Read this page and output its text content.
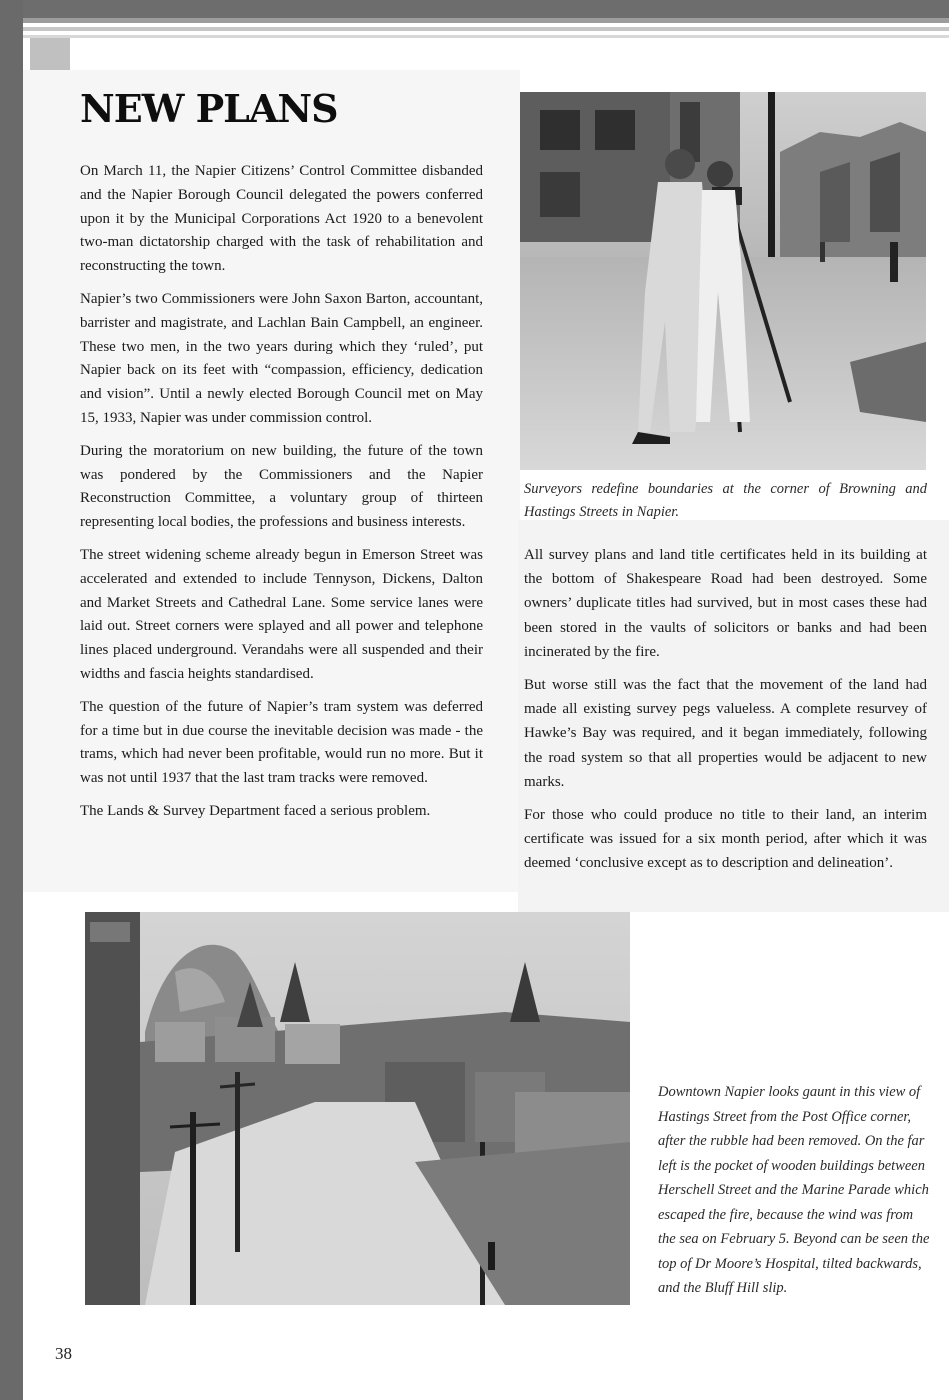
NEW PLANS

On March 11, the Napier Citizens’ Control Committee disbanded and the Napier Borough Council delegated the powers conferred upon it by the Municipal Corporations Act 1920 to a benevolent two-man dictatorship charged with the task of rehabilitation and reconstructing the town.

Napier’s two Commissioners were John Saxon Barton, accountant, barrister and magistrate, and Lachlan Bain Campbell, an engineer. These two men, in the two years during which they ‘ruled’, put Napier back on its feet with “compassion, efficiency, dedication and vision”. Until a newly elected Borough Council met on May 15, 1933, Napier was under commission control.

During the moratorium on new building, the future of the town was pondered by the Commissioners and the Napier Reconstruction Committee, a voluntary group of thirteen representing local bodies, the professions and business interests.

The street widening scheme already begun in Emerson Street was accelerated and extended to include Tennyson, Dickens, Dalton and Market Streets and Cathedral Lane. Some service lanes were laid out. Street corners were splayed and all power and telephone lines placed underground. Verandahs were all suspended and their widths and fascia heights standardised.

The question of the future of Napier’s tram system was deferred for a time but in due course the inevitable decision was made - the trams, which had never been profitable, would run no more. But it was not until 1937 that the last tram tracks were removed.

The Lands & Survey Department faced a serious problem.

Surveyors redefine boundaries at the corner of Browning and Hastings Streets in Napier.

All survey plans and land title certificates held in its building at the bottom of Shakespeare Road had been destroyed. Some owners’ duplicate titles had survived, but in most cases these had been stored in the vaults of solicitors or banks and had been incinerated by the fire.

But worse still was the fact that the movement of the land had made all existing survey pegs valueless. A complete resurvey of Hawke’s Bay was required, and it began immediately, following the road system so that all properties would be adjacent to new marks.

For those who could produce no title to their land, an interim certificate was issued for a six month period, after which it was deemed ‘conclusive except as to description and delineation’.

Downtown Napier looks gaunt in this view of Hastings Street from the Post Office corner, after the rubble had been removed. On the far left is the pocket of wooden buildings between Herschell Street and the Marine Parade which escaped the fire, because the wind was from the sea on February 5. Beyond can be seen the top of Dr Moore’s Hospital, tilted backwards, and the Bluff Hill slip.

38
